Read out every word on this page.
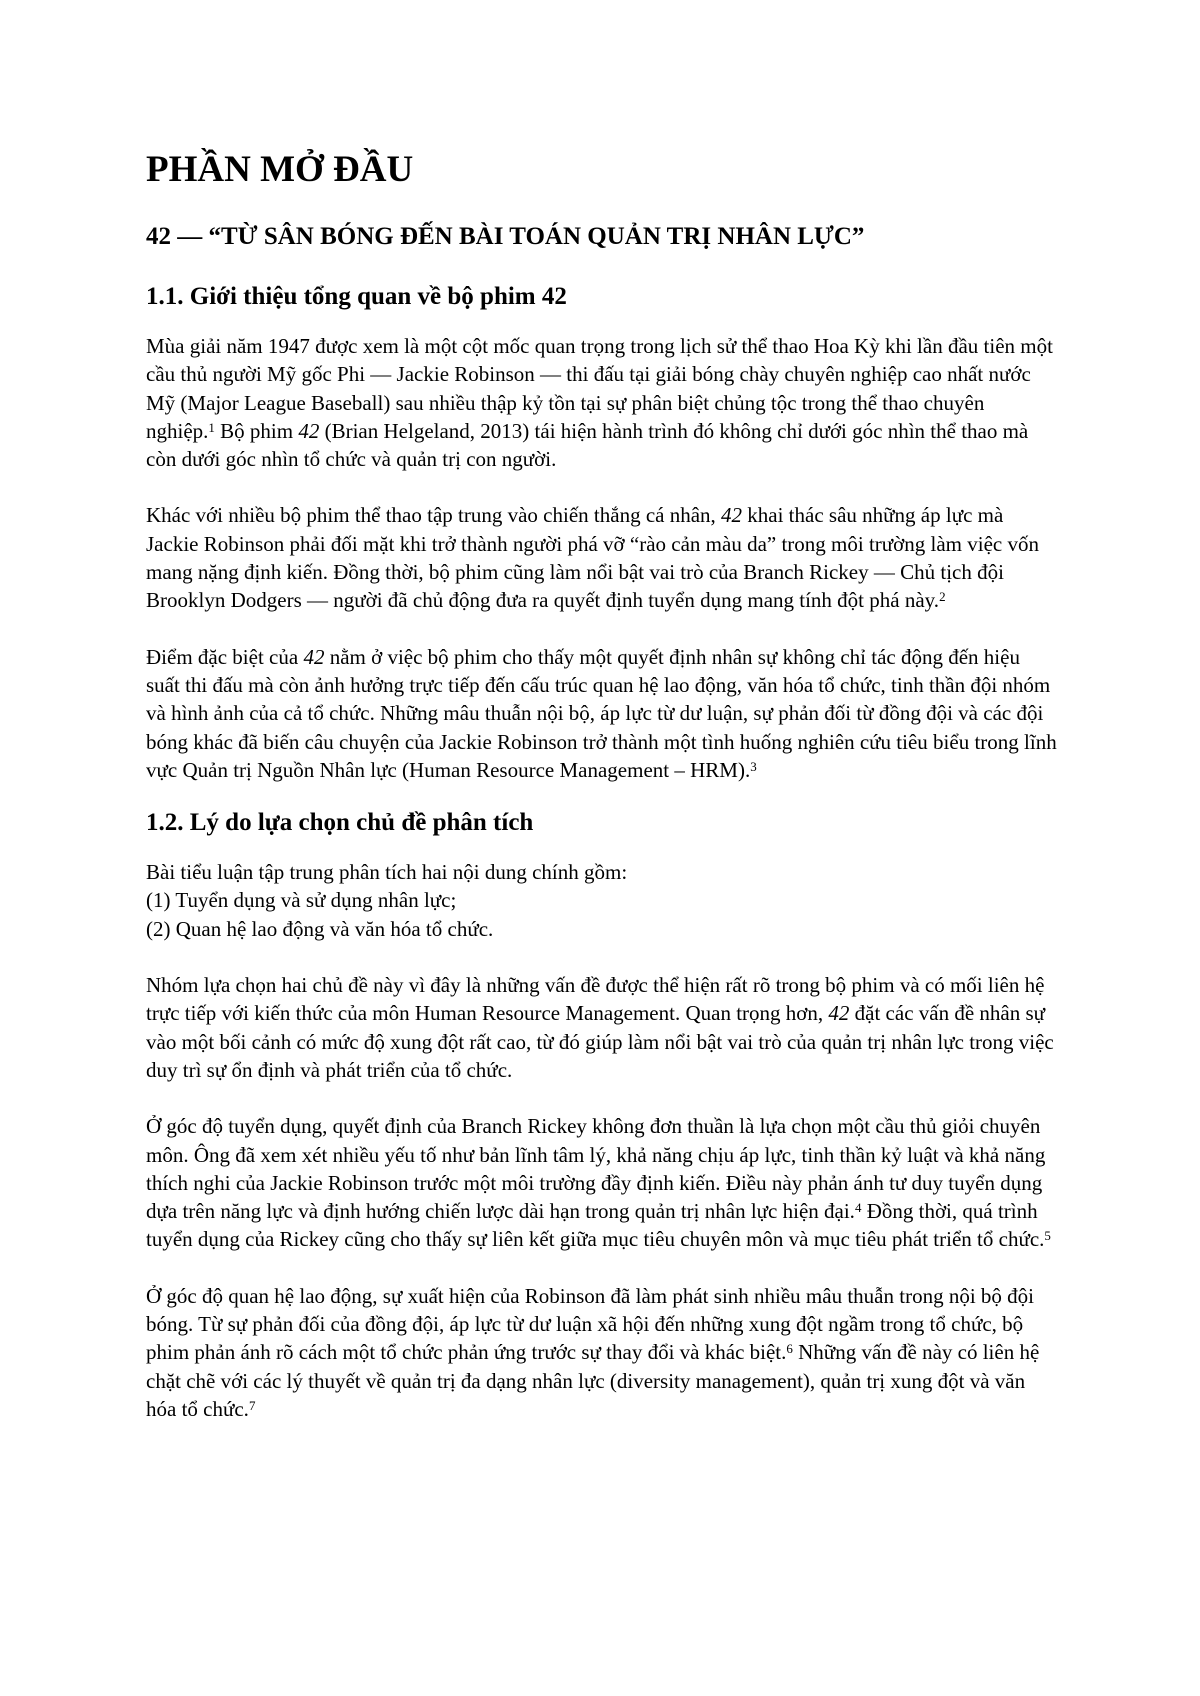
PHẦN MỞ ĐẦU
42 — “TỪ SÂN BÓNG ĐẾN BÀI TOÁN QUẢN TRỊ NHÂN LỰC”
1.1. Giới thiệu tổng quan về bộ phim 42

Mùa giải năm 1947 được xem là một cột mốc quan trọng trong lịch sử thể thao Hoa Kỳ khi lần đầu tiên một cầu thủ người Mỹ gốc Phi — Jackie Robinson — thi đấu tại giải bóng chày chuyên nghiệp cao nhất nước Mỹ (Major League Baseball) sau nhiều thập kỷ tồn tại sự phân biệt chủng tộc trong thể thao chuyên nghiệp.$^1$ Bộ phim 42 (Brian Helgeland, 2013) tái hiện hành trình đó không chỉ dưới góc nhìn thể thao mà còn dưới góc nhìn tổ chức và quản trị con người.

Khác với nhiều bộ phim thể thao tập trung vào chiến thắng cá nhân, 42 khai thác sâu những áp lực mà Jackie Robinson phải đối mặt khi trở thành người phá vỡ “rào cản màu da” trong môi trường làm việc vốn mang nặng định kiến. Đồng thời, bộ phim cũng làm nổi bật vai trò của Branch Rickey — Chủ tịch đội Brooklyn Dodgers — người đã chủ động đưa ra quyết định tuyển dụng mang tính đột phá này.$^2$

Điểm đặc biệt của 42 nằm ở việc bộ phim cho thấy một quyết định nhân sự không chỉ tác động đến hiệu suất thi đấu mà còn ảnh hưởng trực tiếp đến cấu trúc quan hệ lao động, văn hóa tổ chức, tinh thần đội nhóm và hình ảnh của cả tổ chức. Những mâu thuẫn nội bộ, áp lực từ dư luận, sự phản đối từ đồng đội và các đội bóng khác đã biến câu chuyện của Jackie Robinson trở thành một tình huống nghiên cứu tiêu biểu trong lĩnh vực Quản trị Nguồn Nhân lực (Human Resource Management – HRM).$^3$

1.2. Lý do lựa chọn chủ đề phân tích

Bài tiểu luận tập trung phân tích hai nội dung chính gồm:
(1) Tuyển dụng và sử dụng nhân lực;
(2) Quan hệ lao động và văn hóa tổ chức.

Nhóm lựa chọn hai chủ đề này vì đây là những vấn đề được thể hiện rất rõ trong bộ phim và có mối liên hệ trực tiếp với kiến thức của môn Human Resource Management. Quan trọng hơn, 42 đặt các vấn đề nhân sự vào một bối cảnh có mức độ xung đột rất cao, từ đó giúp làm nổi bật vai trò của quản trị nhân lực trong việc duy trì sự ổn định và phát triển của tổ chức.

Ở góc độ tuyển dụng, quyết định của Branch Rickey không đơn thuần là lựa chọn một cầu thủ giỏi chuyên môn. Ông đã xem xét nhiều yếu tố như bản lĩnh tâm lý, khả năng chịu áp lực, tinh thần kỷ luật và khả năng thích nghi của Jackie Robinson trước một môi trường đầy định kiến. Điều này phản ánh tư duy tuyển dụng dựa trên năng lực và định hướng chiến lược dài hạn trong quản trị nhân lực hiện đại.$^4$ Đồng thời, quá trình tuyển dụng của Rickey cũng cho thấy sự liên kết giữa mục tiêu chuyên môn và mục tiêu phát triển tổ chức.$^5$

Ở góc độ quan hệ lao động, sự xuất hiện của Robinson đã làm phát sinh nhiều mâu thuẫn trong nội bộ đội bóng. Từ sự phản đối của đồng đội, áp lực từ dư luận xã hội đến những xung đột ngầm trong tổ chức, bộ phim phản ánh rõ cách một tổ chức phản ứng trước sự thay đổi và khác biệt.$^6$ Những vấn đề này có liên hệ chặt chẽ với các lý thuyết về quản trị đa dạng nhân lực (diversity management), quản trị xung đột và văn hóa tổ chức.$^7$
